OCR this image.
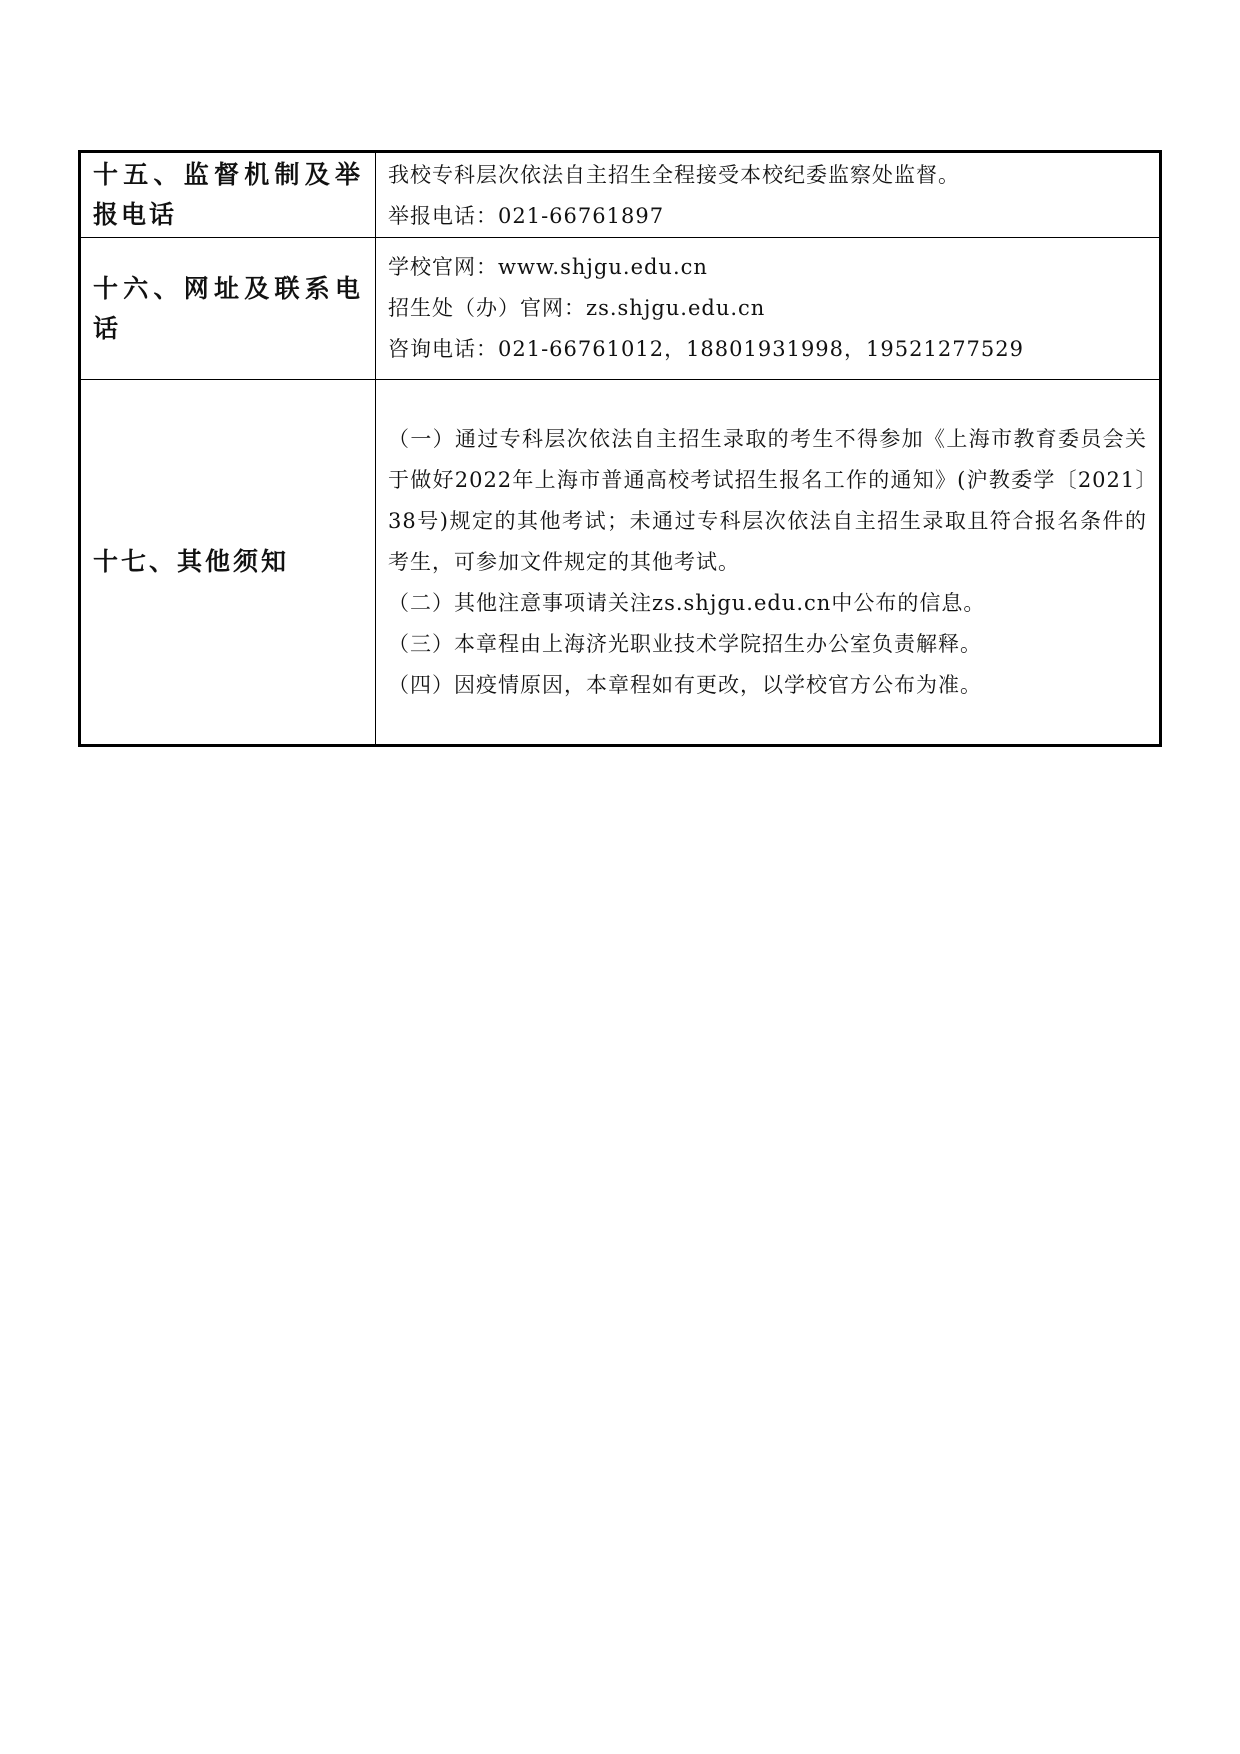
十五、监督机制及举报电话	我校专科层次依法自主招生全程接受本校纪委监察处监督。
举报电话：021-66761897

十六、网址及联系电话	学校官网：www.shjgu.edu.cn
招生处（办）官网：zs.shjgu.edu.cn
咨询电话：021-66761012，18801931998，19521277529

十七、其他须知	（一）通过专科层次依法自主招生录取的考生不得参加《上海市教育委员会关于做好2022年上海市普通高校考试招生报名工作的通知》(沪教委学〔2021〕38号)规定的其他考试；未通过专科层次依法自主招生录取且符合报名条件的考生，可参加文件规定的其他考试。
（二）其他注意事项请关注zs.shjgu.edu.cn中公布的信息。
（三）本章程由上海济光职业技术学院招生办公室负责解释。
（四）因疫情原因，本章程如有更改，以学校官方公布为准。
